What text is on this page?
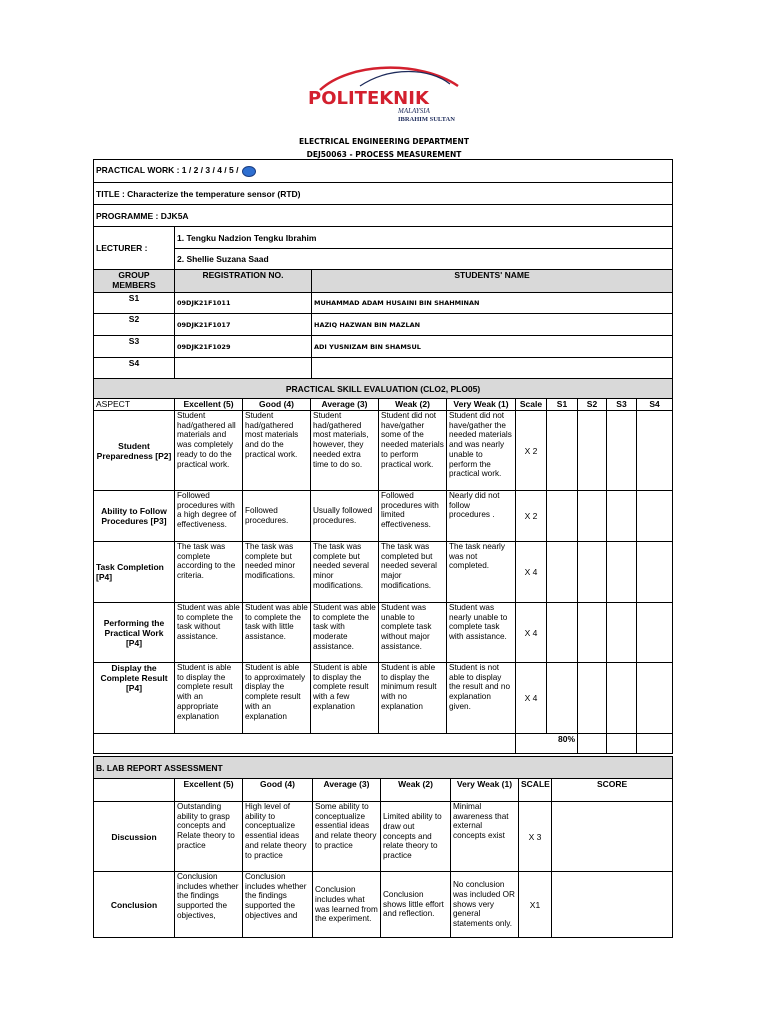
POLITEKNIK
MALAYSIA
IBRAHIM SULTAN
ELECTRICAL ENGINEERING DEPARTMENT
DEJ50063 - PROCESS MEASUREMENT
PRACTICAL WORK : 1 / 2 / 3 / 4 / 5 /		
TITLE : Characterize the temperature sensor (RTD)		
PROGRAMME : DJK5A		
LECTURER :	1. Tengku Nadzion Tengku Ibrahim	
	2. Shellie Suzana Saad	
GROUP MEMBERS	REGISTRATION NO.	STUDENTS' NAME
S1	09DJK21F1011	MUHAMMAD ADAM HUSAINI BIN SHAHMINAN
S2	09DJK21F1017	HAZIQ HAZWAN BIN MAZLAN
S3	09DJK21F1029	ADI YUSNIZAM BIN SHAMSUL
S4		
PRACTICAL SKILL EVALUATION (CLO2, PLO05)										
ASPECT	Excellent (5)	Good (4)	Average (3)	Weak (2)	Very Weak (1)	Scale	S1	S2	S3	S4
Student Preparedness [P2]	Student had/gathered all materials and was completely ready to do the practical work.	Student had/gathered most materials and do the practical work.	Student had/gathered most materials, however, they needed extra time to do so.	Student did not have/gather some of the needed materials to perform practical work.	Student did not have/gather the needed materials and was nearly unable to perform the practical work.	X 2				
Ability to Follow Procedures [P3]	Followed procedures with a high degree of effectiveness.	Followed procedures.	Usually followed procedures.	Followed procedures with limited effectiveness.	Nearly did not follow procedures .	X 2				
Task Completion [P4]	The task was complete according to the criteria.	The task was complete but needed minor modifications.	The task was complete but needed several minor modifications.	The task was completed but needed several major modifications.	The task nearly was not completed.	X 4				
Performing the Practical Work [P4]	Student was able to complete the task without assistance.	Student was able to complete the task with little assistance.	Student was able to complete the task with moderate assistance.	Student was unable to complete task without major assistance.	Student was nearly unable to complete task with assistance.	X 4				
Display the Complete Result [P4]	Student is able to display the complete result with an appropriate explanation	Student is able to approximately display the complete result with an explanation	Student is able to display the complete result with a few explanation	Student is able to display the minimum result with no explanation	Student is not able to display the result and no explanation given.	X 4				
						80%				
B. LAB REPORT ASSESSMENT							
	Excellent (5)	Good (4)	Average (3)	Weak (2)	Very Weak (1)	SCALE	SCORE
Discussion	Outstanding ability to grasp concepts and Relate theory to practice	High level of ability to conceptualize essential ideas and relate theory to practice	Some ability to conceptualize essential ideas and relate theory to practice	Limited ability to draw out concepts and relate theory to practice	Minimal awareness that external concepts exist	X 3	
Conclusion	Conclusion includes whether the findings supported the objectives,	Conclusion includes whether the findings supported the objectives and	Conclusion includes what was learned from the experiment.	Conclusion shows little effort and reflection.	No conclusion was included OR shows very general statements only.	X1	
